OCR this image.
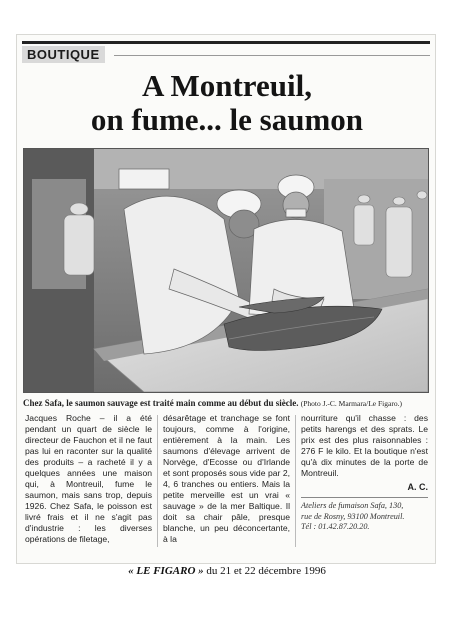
BOUTIQUE
A Montreuil,
on fume... le saumon
Chez Safa, le saumon sauvage est traité main comme au début du siècle. (Photo J.-C. Marmara/Le Figaro.)
Jacques Roche – il a été pendant un quart de siècle le directeur de Fauchon et il ne faut pas lui en raconter sur la qualité des produits – a racheté il y a quelques années une maison qui, à Montreuil, fume le saumon, mais sans trop, depuis 1926. Chez Safa, le poisson est livré frais et il ne s'agit pas d'industrie : les diverses opérations de filetage,
désarêtage et tranchage se font toujours, comme à l'origine, entièrement à la main. Les saumons d'élevage arrivent de Norvège, d'Ecosse ou d'Irlande et sont proposés sous vide par 2, 4, 6 tranches ou entiers. Mais la petite merveille est un vrai « sauvage » de la mer Baltique. Il doit sa chair pâle, presque blanche, un peu déconcertante, à la
nourriture qu'il chasse : des petits harengs et des sprats. Le prix est des plus raisonnables : 276 F le kilo. Et la boutique n'est qu'à dix minutes de la porte de Montreuil.
A. C.
Ateliers de fumaison Safa, 130,
rue de Rosny, 93100 Montreuil.
Tél : 01.42.87.20.20.
« LE FIGARO » du 21 et 22 décembre 1996
